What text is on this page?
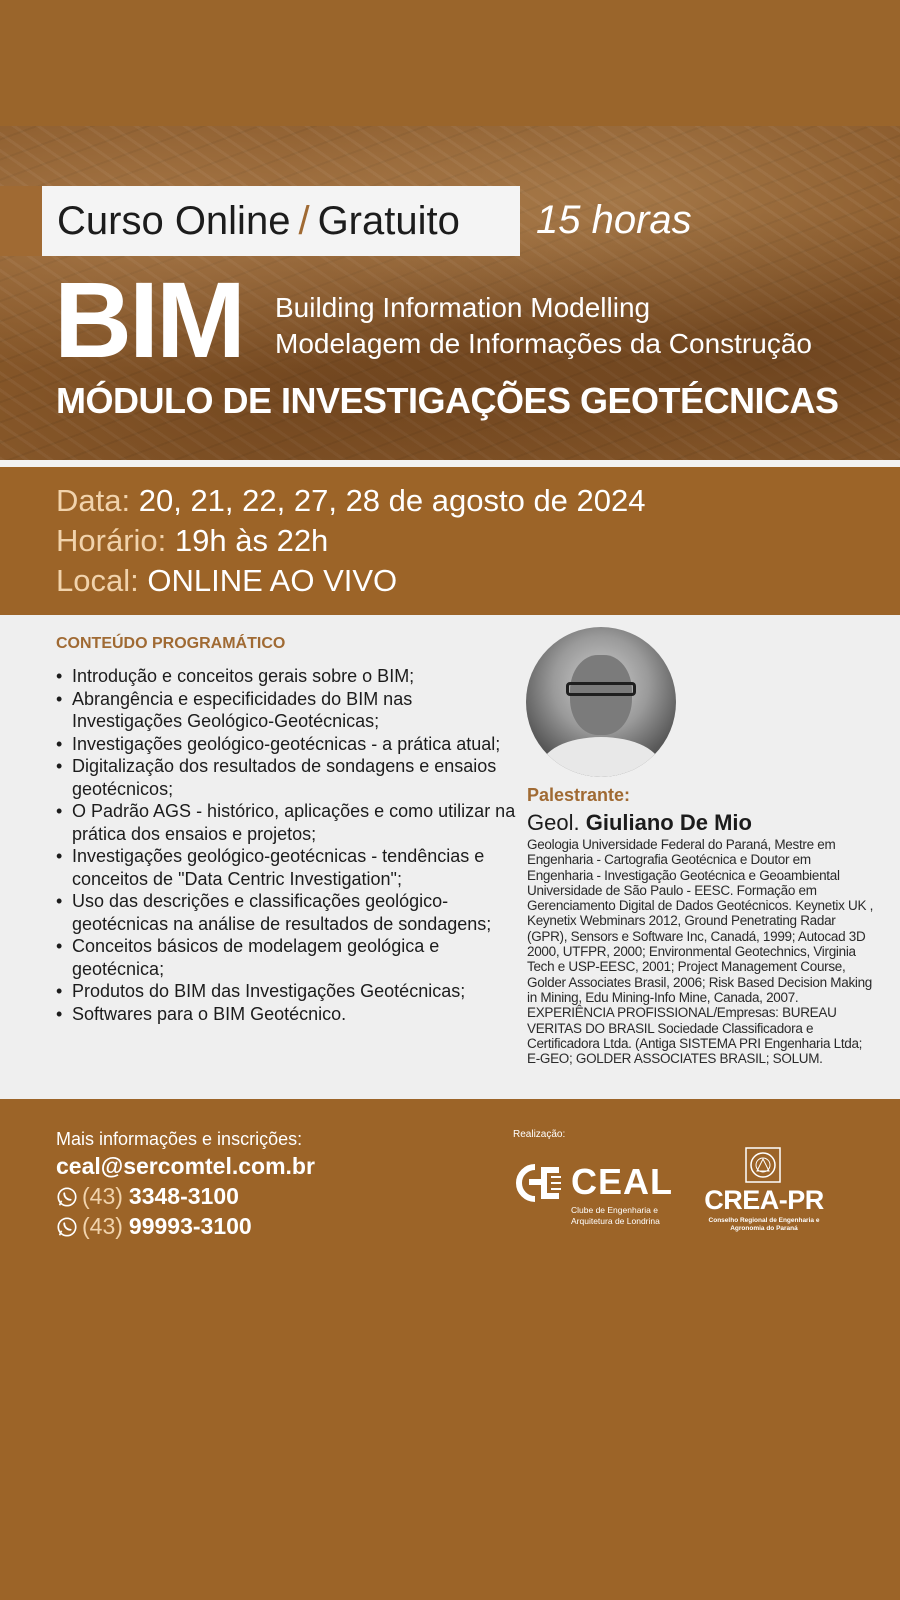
Curso Online / Gratuito 15 horas
BIM Building Information Modelling
Modelagem de Informações da Construção
MÓDULO DE INVESTIGAÇÕES GEOTÉCNICAS
Data: 20, 21, 22, 27, 28 de agosto de 2024
Horário: 19h às 22h
Local: ONLINE AO VIVO
CONTEÚDO PROGRAMÁTICO
• Introdução e conceitos gerais sobre o BIM;
• Abrangência e especificidades do BIM nas Investigações Geológico-Geotécnicas;
• Investigações geológico-geotécnicas - a prática atual;
• Digitalização dos resultados de sondagens e ensaios geotécnicos;
• O Padrão AGS - histórico, aplicações e como utilizar na prática dos ensaios e projetos;
• Investigações geológico-geotécnicas - tendências e conceitos de "Data Centric Investigation";
• Uso das descrições e classificações geológico-geotécnicas na análise de resultados de sondagens;
• Conceitos básicos de modelagem geológica e geotécnica;
• Produtos do BIM das Investigações Geotécnicas;
• Softwares para o BIM Geotécnico.
Palestrante:
Geol. Giuliano De Mio
Geologia Universidade Federal do Paraná, Mestre em Engenharia - Cartografia Geotécnica e Doutor em Engenharia - Investigação Geotécnica e Geoambiental Universidade de São Paulo - EESC. Formação em Gerenciamento Digital de Dados Geotécnicos. Keynetix UK , Keynetix Webminars 2012, Ground Penetrating Radar (GPR), Sensors e Software Inc, Canadá, 1999; Autocad 3D 2000, UTFPR, 2000; Environmental Geotechnics, Virginia Tech e USP-EESC, 2001; Project Management Course, Golder Associates Brasil, 2006; Risk Based Decision Making in Mining, Edu Mining-Info Mine, Canada, 2007. EXPERIÊNCIA PROFISSIONAL/Empresas: BUREAU VERITAS DO BRASIL Sociedade Classificadora e Certificadora Ltda. (Antiga SISTEMA PRI Engenharia Ltda; E-GEO; GOLDER ASSOCIATES BRASIL; SOLUM.
Mais informações e inscrições:
ceal@sercomtel.com.br
(43) 3348-3100
(43) 99993-3100
Realização:
CEAL
Clube de Engenharia e Arquitetura de Londrina
CREA-PR
Conselho Regional de Engenharia e Agronomia do Paraná
